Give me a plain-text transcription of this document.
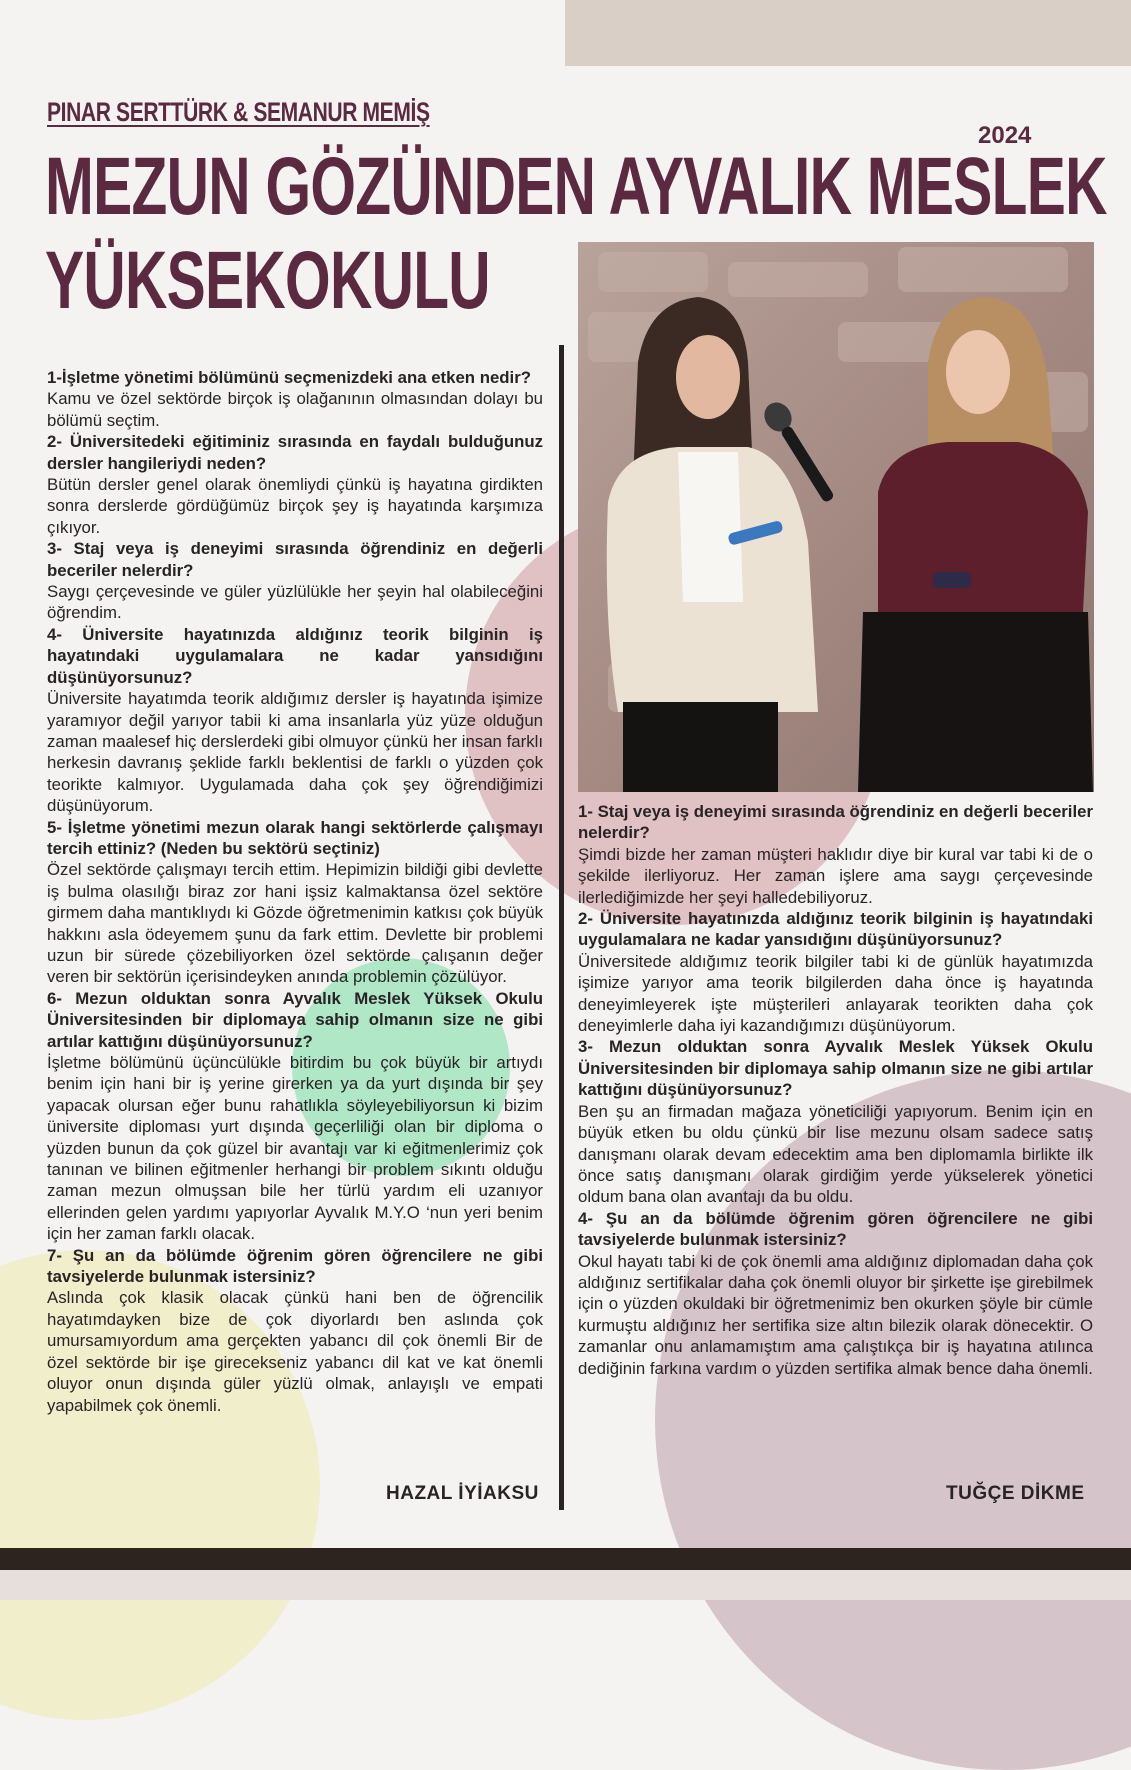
PINAR SERTTÜRK & SEMANUR MEMİŞ
2024
MEZUN GÖZÜNDEN AYVALIK MESLEK
YÜKSEKOKULU
1-İşletme yönetimi bölümünü seçmenizdeki ana etken nedir?
Kamu ve özel sektörde birçok iş olağanının olmasından dolayı bu bölümü seçtim.
2- Üniversitedeki eğitiminiz sırasında en faydalı bulduğunuz dersler hangileriydi neden?
Bütün dersler genel olarak önemliydi çünkü iş hayatına girdikten sonra derslerde gördüğümüz birçok şey iş hayatında karşımıza çıkıyor.
3- Staj veya iş deneyimi sırasında öğrendiniz en değerli beceriler nelerdir?
Saygı çerçevesinde ve güler yüzlülükle her şeyin hal olabileceğini öğrendim.
4- Üniversite hayatınızda aldığınız teorik bilginin iş hayatındaki uygulamalara ne kadar yansıdığını düşünüyorsunuz?
Üniversite hayatımda teorik aldığımız dersler iş hayatında işimize yaramıyor değil yarıyor tabii ki ama insanlarla yüz yüze olduğun zaman maalesef hiç derslerdeki gibi olmuyor çünkü her insan farklı herkesin davranış şeklide farklı beklentisi de farklı o yüzden çok teorikte kalmıyor. Uygulamada daha çok şey öğrendiğimizi düşünüyorum.
5- İşletme yönetimi mezun olarak hangi sektörlerde çalışmayı tercih ettiniz? (Neden bu sektörü seçtiniz)
Özel sektörde çalışmayı tercih ettim. Hepimizin bildiği gibi devlette iş bulma olasılığı biraz zor hani işsiz kalmaktansa özel sektöre girmem daha mantıklıydı ki Gözde öğretmenimin katkısı çok büyük hakkını asla ödeyemem şunu da fark ettim. Devlette bir problemi uzun bir sürede çözebiliyorken özel sektörde çalışanın değer veren bir sektörün içerisindeyken anında problemin çözülüyor.
6- Mezun olduktan sonra Ayvalık Meslek Yüksek Okulu Üniversitesinden bir diplomaya sahip olmanın size ne gibi artılar kattığını düşünüyorsunuz?
İşletme bölümünü üçüncülükle bitirdim bu çok büyük bir artıydı benim için hani bir iş yerine girerken ya da yurt dışında bir şey yapacak olursan eğer bunu rahatlıkla söyleyebiliyorsun ki bizim üniversite diploması yurt dışında geçerliliği olan bir diploma o yüzden bunun da çok güzel bir avantajı var ki eğitmenlerimiz çok tanınan ve bilinen eğitmenler herhangi bir problem sıkıntı olduğu zaman mezun olmuşsan bile her türlü yardım eli uzanıyor ellerinden gelen yardımı yapıyorlar Ayvalık M.Y.O ‘nun yeri benim için her zaman farklı olacak.
7- Şu an da bölümde öğrenim gören öğrencilere ne gibi tavsiyelerde bulunmak istersiniz?
Aslında çok klasik olacak çünkü hani ben de öğrencilik hayatımdayken bize de çok diyorlardı ben aslında çok umursamıyordum ama gerçekten yabancı dil çok önemli Bir de özel sektörde bir işe girecekseniz yabancı dil kat ve kat önemli oluyor onun dışında güler yüzlü olmak, anlayışlı ve empati yapabilmek çok önemli.
1- Staj veya iş deneyimi sırasında öğrendiniz en değerli beceriler nelerdir?
Şimdi bizde her zaman müşteri haklıdır diye bir kural var tabi ki de o şekilde ilerliyoruz. Her zaman işlere ama saygı çerçevesinde ilerlediğimizde her şeyi halledebiliyoruz.
2- Üniversite hayatınızda aldığınız teorik bilginin iş hayatındaki uygulamalara ne kadar yansıdığını düşünüyorsunuz?
Üniversitede aldığımız teorik bilgiler tabi ki de günlük hayatımızda işimize yarıyor ama teorik bilgilerden daha önce iş hayatında deneyimleyerek işte müşterileri anlayarak teorikten daha çok deneyimlerle daha iyi kazandığımızı düşünüyorum.
3- Mezun olduktan sonra Ayvalık Meslek Yüksek Okulu Üniversitesinden bir diplomaya sahip olmanın size ne gibi artılar kattığını düşünüyorsunuz?
Ben şu an firmadan mağaza yöneticiliği yapıyorum. Benim için en büyük etken bu oldu çünkü bir lise mezunu olsam sadece satış danışmanı olarak devam edecektim ama ben diplomamla birlikte ilk önce satış danışmanı olarak girdiğim yerde yükselerek yönetici oldum bana olan avantajı da bu oldu.
4- Şu an da bölümde öğrenim gören öğrencilere ne gibi tavsiyelerde bulunmak istersiniz?
Okul hayatı tabi ki de çok önemli ama aldığınız diplomadan daha çok aldığınız sertifikalar daha çok önemli oluyor bir şirkette işe girebilmek için o yüzden okuldaki bir öğretmenimiz ben okurken şöyle bir cümle kurmuştu aldığınız her sertifika size altın bilezik olarak dönecektir. O zamanlar onu anlamamıştım ama çalıştıkça bir iş hayatına atılınca dediğinin farkına vardım o yüzden sertifika almak bence daha önemli.
HAZAL İYİAKSU	TUĞÇE DİKME
